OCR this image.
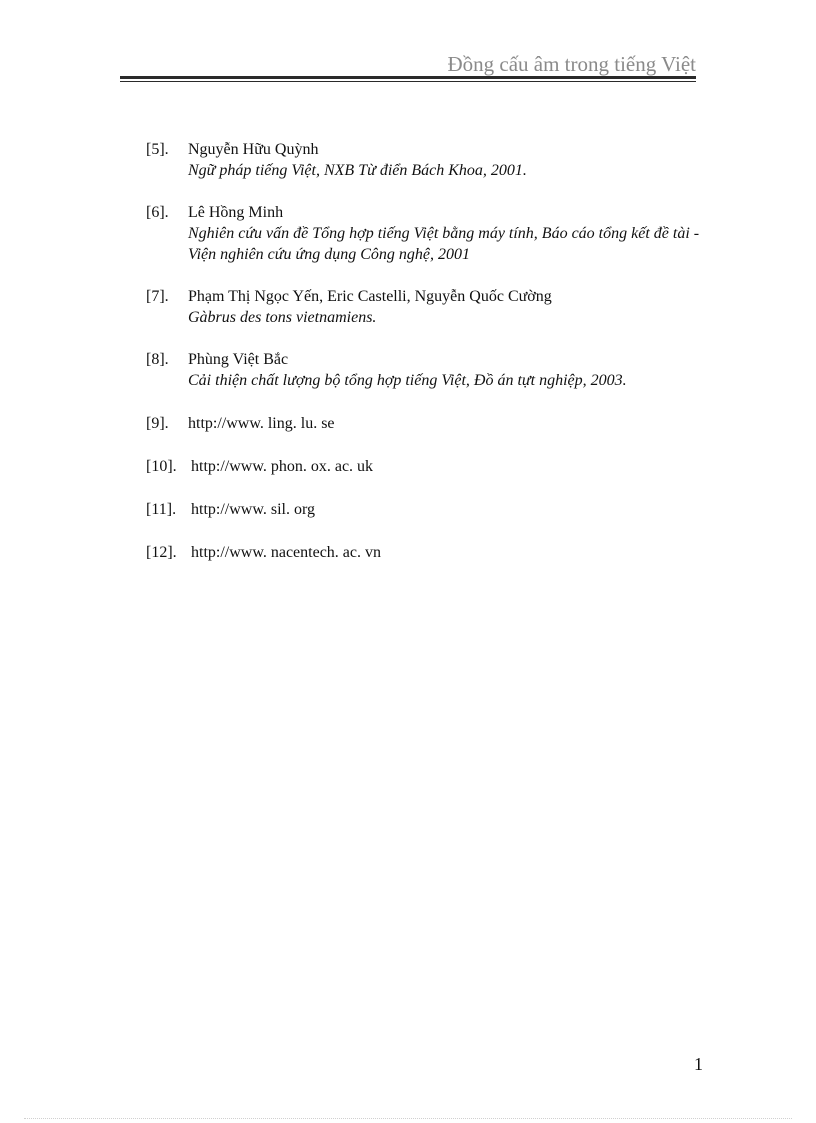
Đồng cấu âm trong tiếng Việt
[5]. Nguyễn Hữu Quỳnh
Ngữ pháp tiếng Việt, NXB Từ điển Bách Khoa, 2001.
[6]. Lê Hồng Minh
Nghiên cứu vấn đề Tổng hợp tiếng Việt bằng máy tính, Báo cáo tổng kết đề tài - Viện nghiên cứu ứng dụng Công nghệ, 2001
[7]. Phạm Thị Ngọc Yến, Eric Castelli, Nguyễn Quốc Cường
Gàbrus des tons vietnamiens.
[8]. Phùng Việt Bắc
Cải thiện chất lượng bộ tổng hợp tiếng Việt, Đồ án tựt nghiệp, 2003.
[9]. http://www. ling. lu. se
[10]. http://www. phon. ox. ac. uk
[11]. http://www. sil. org
[12]. http://www. nacentech. ac. vn
1
